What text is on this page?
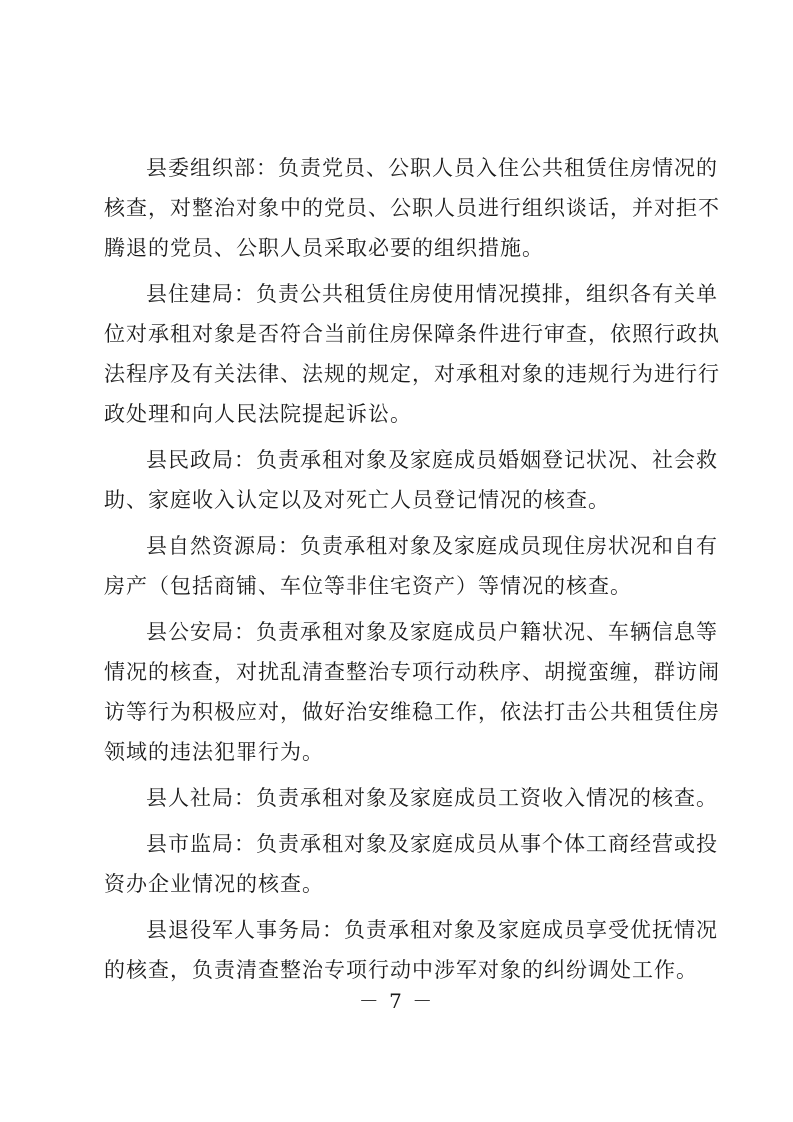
县委组织部：负责党员、公职人员入住公共租赁住房情况的
核查，对整治对象中的党员、公职人员进行组织谈话，并对拒不
腾退的党员、公职人员采取必要的组织措施。

县住建局：负责公共租赁住房使用情况摸排，组织各有关单
位对承租对象是否符合当前住房保障条件进行审查，依照行政执
法程序及有关法律、法规的规定，对承租对象的违规行为进行行
政处理和向人民法院提起诉讼。

县民政局：负责承租对象及家庭成员婚姻登记状况、社会救
助、家庭收入认定以及对死亡人员登记情况的核查。

县自然资源局：负责承租对象及家庭成员现住房状况和自有
房产（包括商铺、车位等非住宅资产）等情况的核查。

县公安局：负责承租对象及家庭成员户籍状况、车辆信息等
情况的核查，对扰乱清查整治专项行动秩序、胡搅蛮缠，群访闹
访等行为积极应对，做好治安维稳工作，依法打击公共租赁住房
领域的违法犯罪行为。

县人社局：负责承租对象及家庭成员工资收入情况的核查。

县市监局：负责承租对象及家庭成员从事个体工商经营或投
资办企业情况的核查。

县退役军人事务局：负责承租对象及家庭成员享受优抚情况
的核查，负责清查整治专项行动中涉军对象的纠纷调处工作。

－ 7 －
